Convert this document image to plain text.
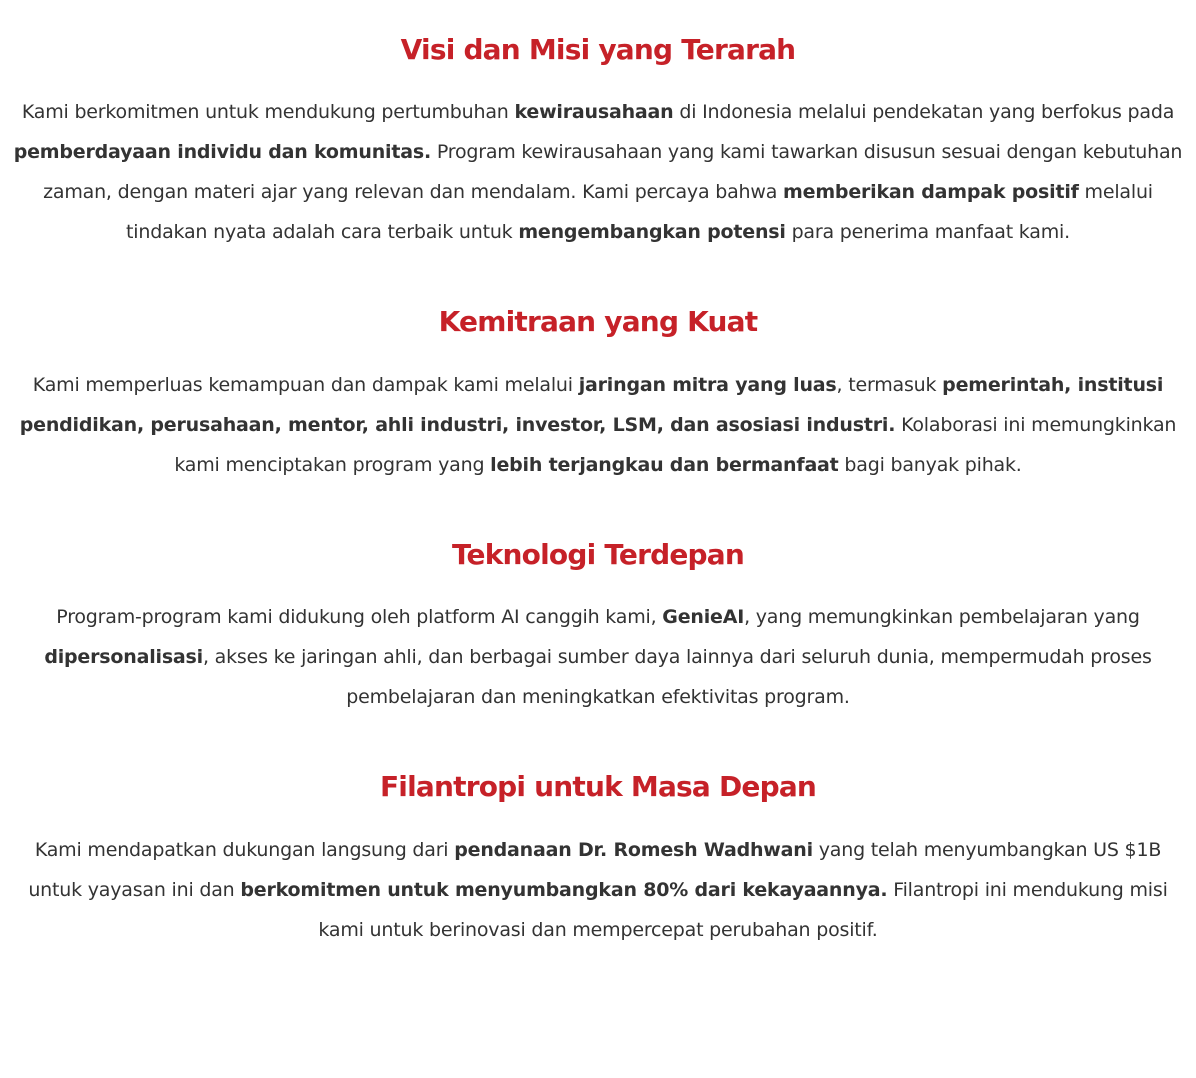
Visi dan Misi yang Terarah

Kami berkomitmen untuk mendukung pertumbuhan kewirausahaan di Indonesia melalui pendekatan yang berfokus pada pemberdayaan individu dan komunitas. Program kewirausahaan yang kami tawarkan disusun sesuai dengan kebutuhan zaman, dengan materi ajar yang relevan dan mendalam. Kami percaya bahwa memberikan dampak positif melalui tindakan nyata adalah cara terbaik untuk mengembangkan potensi para penerima manfaat kami.

Kemitraan yang Kuat

Kami memperluas kemampuan dan dampak kami melalui jaringan mitra yang luas, termasuk pemerintah, institusi pendidikan, perusahaan, mentor, ahli industri, investor, LSM, dan asosiasi industri. Kolaborasi ini memungkinkan kami menciptakan program yang lebih terjangkau dan bermanfaat bagi banyak pihak.

Teknologi Terdepan

Program-program kami didukung oleh platform AI canggih kami, GenieAI, yang memungkinkan pembelajaran yang dipersonalisasi, akses ke jaringan ahli, dan berbagai sumber daya lainnya dari seluruh dunia, mempermudah proses pembelajaran dan meningkatkan efektivitas program.

Filantropi untuk Masa Depan

Kami mendapatkan dukungan langsung dari pendanaan Dr. Romesh Wadhwani yang telah menyumbangkan US $1B untuk yayasan ini dan berkomitmen untuk menyumbangkan 80% dari kekayaannya. Filantropi ini mendukung misi kami untuk berinovasi dan mempercepat perubahan positif.
